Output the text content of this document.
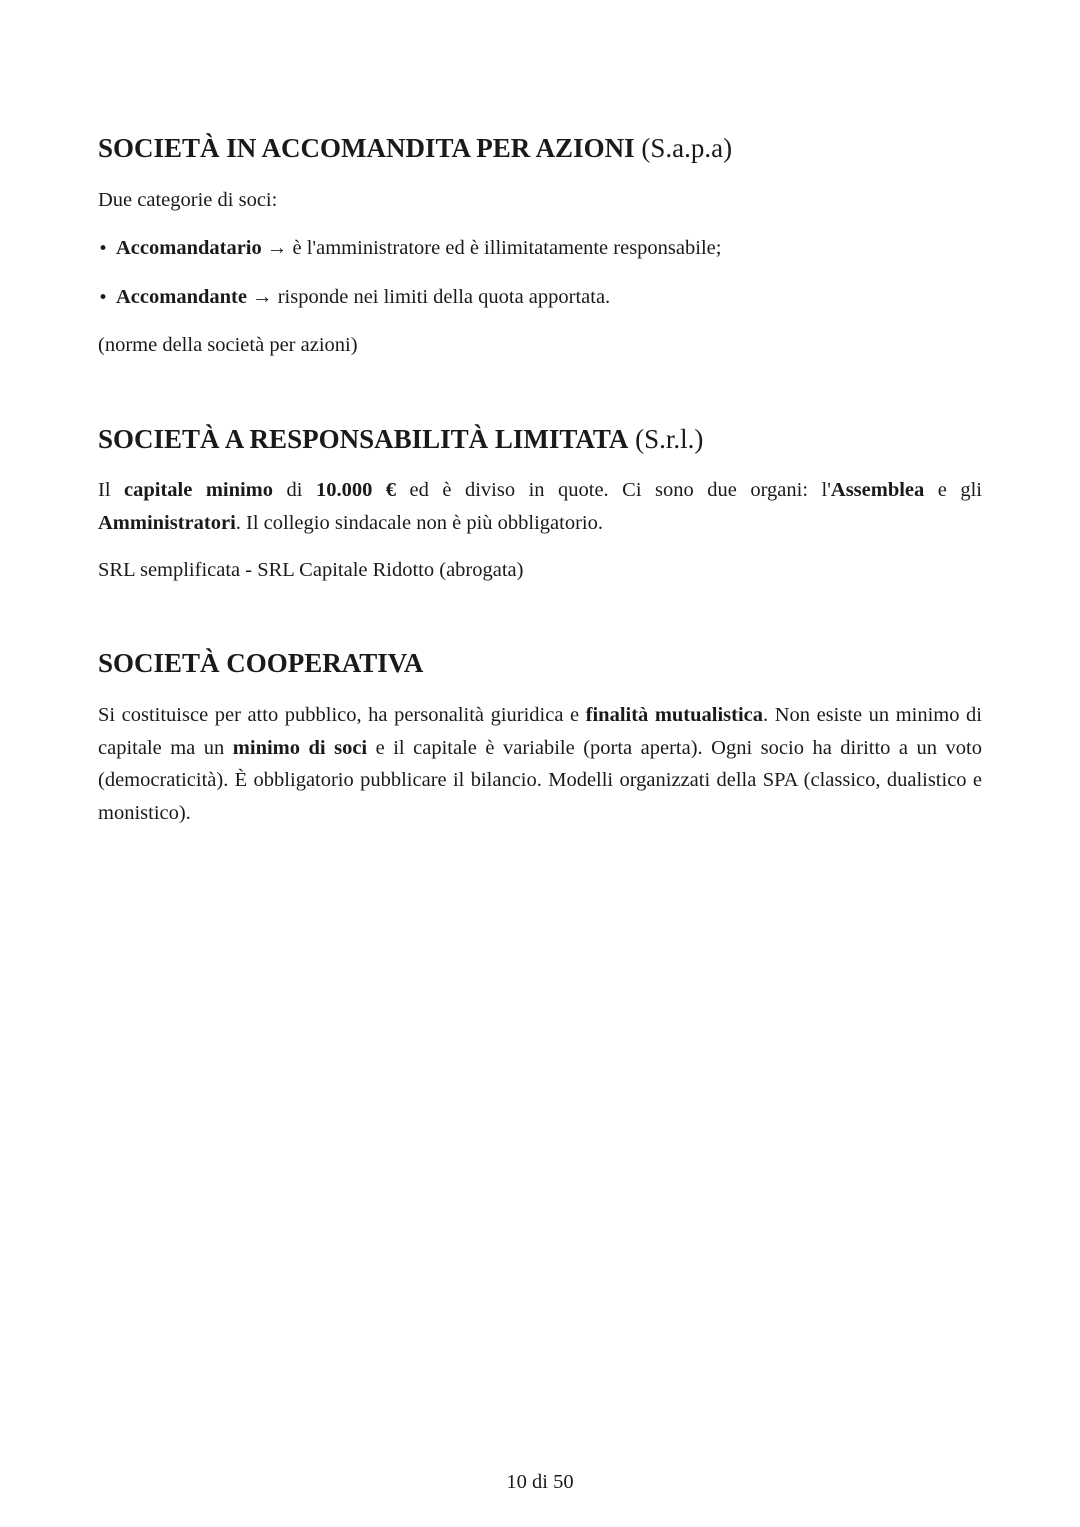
SOCIETÀ IN ACCOMANDITA PER AZIONI (S.a.p.a)

Due categorie di soci:

• Accomandatario → è l'amministratore ed è illimitatamente responsabile;
• Accomandante → risponde nei limiti della quota apportata.

(norme della società per azioni)

SOCIETÀ A RESPONSABILITÀ LIMITATA (S.r.l.)

Il capitale minimo di 10.000 € ed è diviso in quote. Ci sono due organi: l'Assemblea e gli Amministratori. Il collegio sindacale non è più obbligatorio.

SRL semplificata - SRL Capitale Ridotto (abrogata)

SOCIETÀ COOPERATIVA

Si costituisce per atto pubblico, ha personalità giuridica e finalità mutualistica. Non esiste un minimo di capitale ma un minimo di soci e il capitale è variabile (porta aperta). Ogni socio ha diritto a un voto (democraticità). È obbligatorio pubblicare il bilancio. Modelli organizzati della SPA (classico, dualistico e monistico).

10 di 50
